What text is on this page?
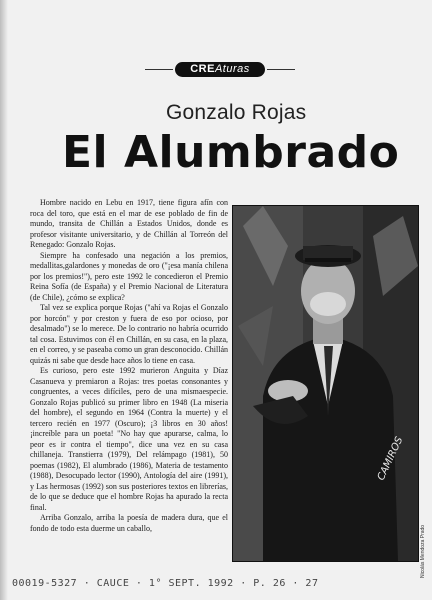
CREAturas
Gonzalo Rojas
El Alumbrado

Hombre nacido en Lebu en 1917, tiene figura afín con roca del toro, que está en el mar de ese poblado de fin de mundo, transita de Chillán a Estados Unidos, donde es profesor visitante universitario, y de Chillán al Torreón del Renegado: Gonzalo Rojas.

Siempre ha confesado una negación a los premios, medallitas,galardones y monedas de oro ("¡esa manía chilena por los premios!"), pero este 1992 le concedieron el Premio Reina Sofía (de España) y el Premio Nacional de Literatura (de Chile), ¿cómo se explica?

Tal vez se explica porque Rojas ("ahí va Rojas el Gonzalo por horcón" y por creston y fuera de eso por ocioso, por desalmado") se lo merece. De lo contrario no habría ocurrido tal cosa. Estuvimos con él en Chillán, en su casa, en la plaza, en el correo, y se paseaba como un gran desconocido. Chillán quizás ni sabe que desde hace años lo tiene en casa.

Es curioso, pero este 1992 murieron Anguita y Díaz Casanueva y premiaron a Rojas: tres poetas consonantes y congruentes, a veces difíciles, pero de una mismaespecie. Gonzalo Rojas publicó su primer libro en 1948 (La miseria del hombre), el segundo en 1964 (Contra la muerte) y el tercero recién en 1977 (Oscuro); ¡3 libros en 30 años! ¡increíble para un poeta! "No hay que apurarse, calma, lo peor es ir contra el tiempo", dice una vez en su casa chillaneja. Transtierra (1979), Del relámpago (1981), 50 poemas (1982), El alumbrado (1986), Materia de testamento (1988), Desocupado lector (1990), Antología del aire (1991), y Las hermosas (1992) son sus posteriores textos en librerías, de lo que se deduce que el hombre Rojas ha apurado la recta final.

Arriba Gonzalo, arriba la poesía de madera dura, que el fondo de todo esta duerme un caballo,

CAMIROS
Nicolás Mendoza Prado
00019-5327 · CAUCE · 1° SEPT. 1992 · P. 26 · 27
